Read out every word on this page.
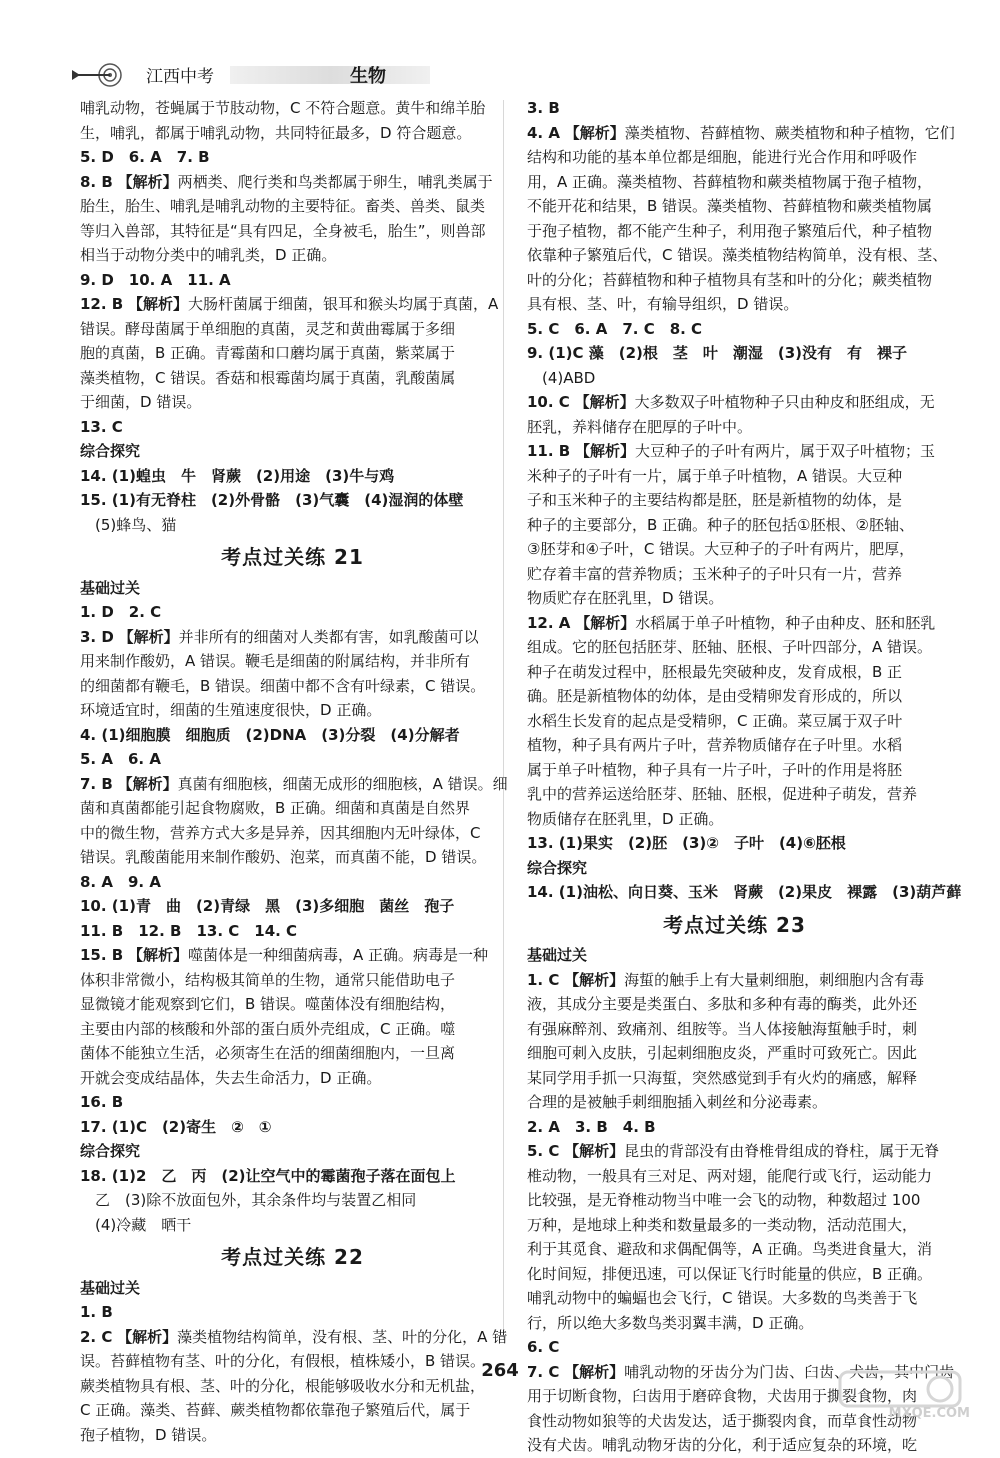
江西中考	生物
哺乳动物，苍蝇属于节肢动物，C 不符合题意。黄牛和绵羊胎
生，哺乳，都属于哺乳动物，共同特征最多，D 符合题意。
5. D　6. A　7. B
8. B 【解析】两栖类、爬行类和鸟类都属于卵生，哺乳类属于
胎生，胎生、哺乳是哺乳动物的主要特征。畜类、兽类、鼠类
等归入兽部，其特征是“具有四足，全身被毛，胎生”，则兽部
相当于动物分类中的哺乳类，D 正确。
9. D　10. A　11. A
12. B 【解析】大肠杆菌属于细菌，银耳和猴头均属于真菌，A
错误。酵母菌属于单细胞的真菌，灵芝和黄曲霉属于多细
胞的真菌，B 正确。青霉菌和口蘑均属于真菌，紫菜属于
藻类植物，C 错误。香菇和根霉菌均属于真菌，乳酸菌属
于细菌，D 错误。
13. C
综合探究
14. (1)蝗虫　牛　肾蕨　(2)用途　(3)牛与鸡
15. (1)有无脊柱　(2)外骨骼　(3)气囊　(4)湿润的体壁
　(5)蜂鸟、猫
考点过关练 21
基础过关
1. D　2. C
3. D 【解析】并非所有的细菌对人类都有害，如乳酸菌可以
用来制作酸奶，A 错误。鞭毛是细菌的附属结构，并非所有
的细菌都有鞭毛，B 错误。细菌中都不含有叶绿素，C 错误。
环境适宜时，细菌的生殖速度很快，D 正确。
4. (1)细胞膜　细胞质　(2)DNA　(3)分裂　(4)分解者
5. A　6. A
7. B 【解析】真菌有细胞核，细菌无成形的细胞核，A 错误。细
菌和真菌都能引起食物腐败，B 正确。细菌和真菌是自然界
中的微生物，营养方式大多是异养，因其细胞内无叶绿体，C
错误。乳酸菌能用来制作酸奶、泡菜，而真菌不能，D 错误。
8. A　9. A
10. (1)青　曲　(2)青绿　黑　(3)多细胞　菌丝　孢子
11. B　12. B　13. C　14. C
15. B 【解析】噬菌体是一种细菌病毒，A 正确。病毒是一种
体积非常微小，结构极其简单的生物，通常只能借助电子
显微镜才能观察到它们，B 错误。噬菌体没有细胞结构，
主要由内部的核酸和外部的蛋白质外壳组成，C 正确。噬
菌体不能独立生活，必须寄生在活的细菌细胞内，一旦离
开就会变成结晶体，失去生命活力，D 正确。
16. B
17. (1)C　(2)寄生　②　①
综合探究
18. (1)2　乙　丙　(2)让空气中的霉菌孢子落在面包上
　乙　(3)除不放面包外，其余条件均与装置乙相同
　(4)冷藏　晒干
考点过关练 22
基础过关
1. B
2. C 【解析】藻类植物结构简单，没有根、茎、叶的分化，A 错
误。苔藓植物有茎、叶的分化，有假根，植株矮小，B 错误。
蕨类植物具有根、茎、叶的分化，根能够吸收水分和无机盐，
C 正确。藻类、苔藓、蕨类植物都依靠孢子繁殖后代，属于
孢子植物，D 错误。
3. B
4. A 【解析】藻类植物、苔藓植物、蕨类植物和种子植物，它们
结构和功能的基本单位都是细胞，能进行光合作用和呼吸作
用，A 正确。藻类植物、苔藓植物和蕨类植物属于孢子植物，
不能开花和结果，B 错误。藻类植物、苔藓植物和蕨类植物属
于孢子植物，都不能产生种子，利用孢子繁殖后代，种子植物
依靠种子繁殖后代，C 错误。藻类植物结构简单，没有根、茎、
叶的分化；苔藓植物和种子植物具有茎和叶的分化；蕨类植物
具有根、茎、叶，有输导组织，D 错误。
5. C　6. A　7. C　8. C
9. (1)C 藻　(2)根　茎　叶　潮湿　(3)没有　有　裸子
　(4)ABD
10. C 【解析】大多数双子叶植物种子只由种皮和胚组成，无
胚乳，养料储存在肥厚的子叶中。
11. B 【解析】大豆种子的子叶有两片，属于双子叶植物；玉
米种子的子叶有一片，属于单子叶植物，A 错误。大豆种
子和玉米种子的主要结构都是胚，胚是新植物的幼体，是
种子的主要部分，B 正确。种子的胚包括①胚根、②胚轴、
③胚芽和④子叶，C 错误。大豆种子的子叶有两片，肥厚，
贮存着丰富的营养物质；玉米种子的子叶只有一片，营养
物质贮存在胚乳里，D 错误。
12. A 【解析】水稻属于单子叶植物，种子由种皮、胚和胚乳
组成。它的胚包括胚芽、胚轴、胚根、子叶四部分，A 错误。
种子在萌发过程中，胚根最先突破种皮，发育成根，B 正
确。胚是新植物体的幼体，是由受精卵发育形成的，所以
水稻生长发育的起点是受精卵，C 正确。菜豆属于双子叶
植物，种子具有两片子叶，营养物质储存在子叶里。水稻
属于单子叶植物，种子具有一片子叶，子叶的作用是将胚
乳中的营养运送给胚芽、胚轴、胚根，促进种子萌发，营养
物质储存在胚乳里，D 正确。
13. (1)果实　(2)胚　(3)②　子叶　(4)⑥胚根
综合探究
14. (1)油松、向日葵、玉米　肾蕨　(2)果皮　裸露　(3)葫芦藓
考点过关练 23
基础过关
1. C 【解析】海蜇的触手上有大量刺细胞，刺细胞内含有毒
液，其成分主要是类蛋白、多肽和多种有毒的酶类，此外还
有强麻醉剂、致痛剂、组胺等。当人体接触海蜇触手时，刺
细胞可刺入皮肤，引起刺细胞皮炎，严重时可致死亡。因此
某同学用手抓一只海蜇，突然感觉到手有火灼的痛感，解释
合理的是被触手刺细胞插入刺丝和分泌毒素。
2. A　3. B　4. B
5. C 【解析】昆虫的背部没有由脊椎骨组成的脊柱，属于无脊
椎动物，一般具有三对足、两对翅，能爬行或飞行，运动能力
比较强，是无脊椎动物当中唯一会飞的动物，种数超过 100
万种，是地球上种类和数量最多的一类动物，活动范围大，
利于其觅食、避敌和求偶配偶等，A 正确。鸟类进食量大，消
化时间短，排便迅速，可以保证飞行时能量的供应，B 正确。
哺乳动物中的蝙蝠也会飞行，C 错误。大多数的鸟类善于飞
行，所以绝大多数鸟类羽翼丰满，D 正确。
6. C
7. C 【解析】哺乳动物的牙齿分为门齿、臼齿、犬齿，其中门齿
用于切断食物，臼齿用于磨碎食物，犬齿用于撕裂食物，肉
食性动物如狼等的犬齿发达，适于撕裂肉食，而草食性动物
没有犬齿。哺乳动物牙齿的分化，利于适应复杂的环境，吃
264
MXQE.COM
